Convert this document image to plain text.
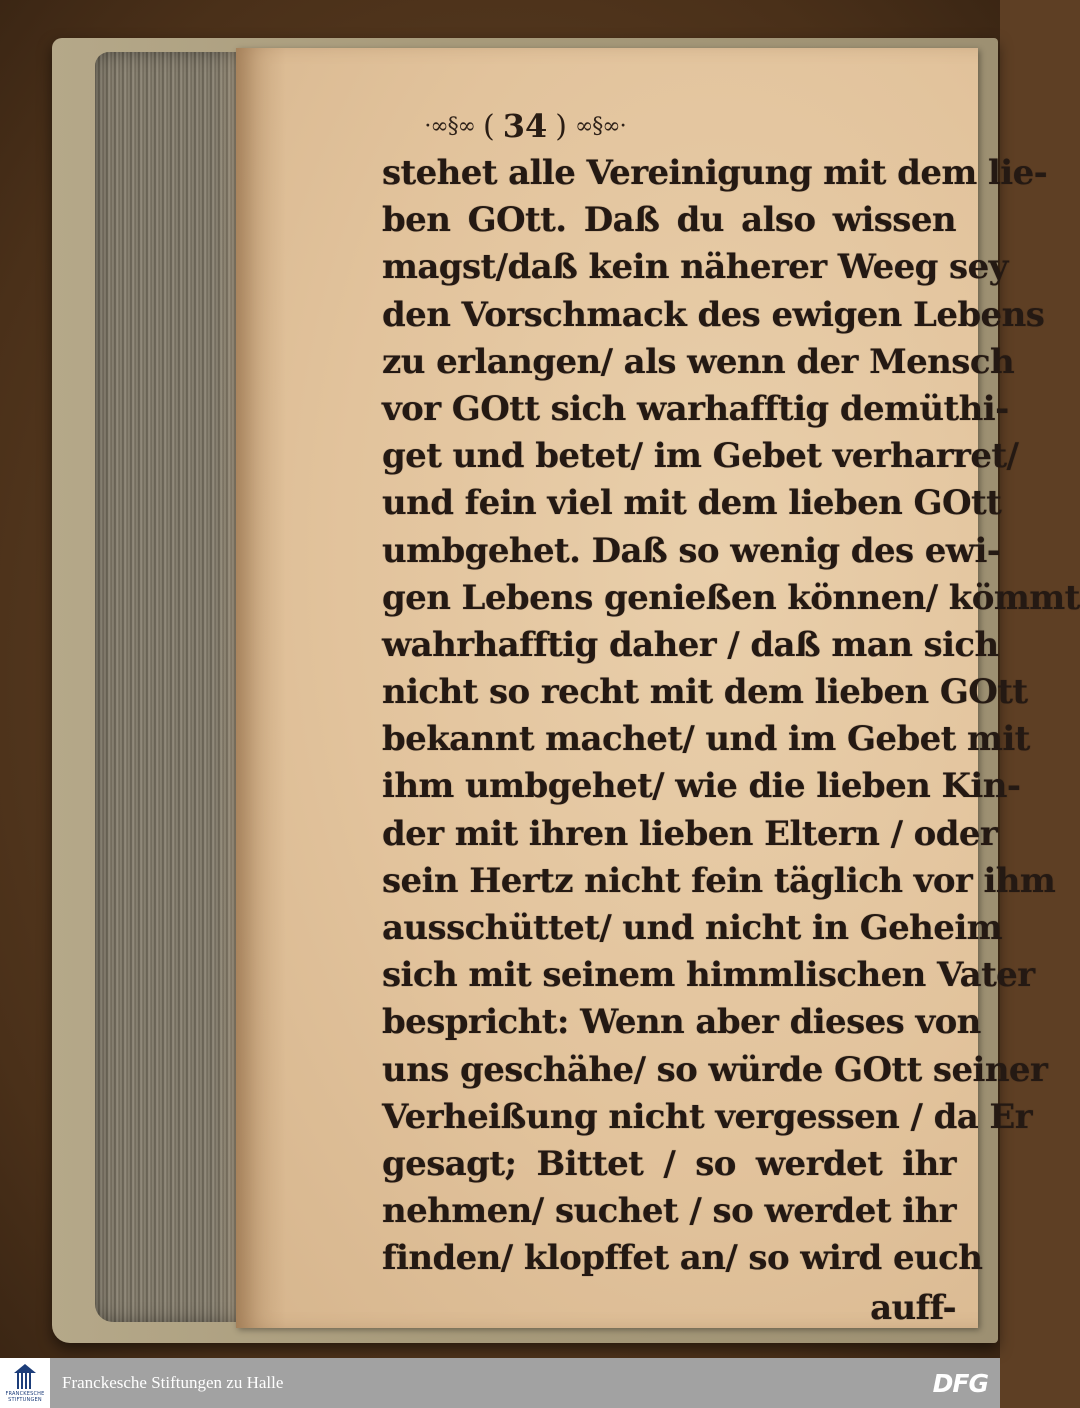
·∞§∞ ( 34 ) ∞§∞·
stehet alle Vereinigung mit dem lie-
ben GOtt. Daß du also wissen
magst/daß kein näherer Weeg sey
den Vorschmack des ewigen Lebens
zu erlangen/ als wenn der Mensch
vor GOtt sich warhafftig demüthi-
get und betet/ im Gebet verharret/
und fein viel mit dem lieben GOtt
umbgehet. Daß so wenig des ewi-
gen Lebens genießen können/ kömmt
wahrhafftig daher / daß man sich
nicht so recht mit dem lieben GOtt
bekannt machet/ und im Gebet mit
ihm umbgehet/ wie die lieben Kin-
der mit ihren lieben Eltern / oder
sein Hertz nicht fein täglich vor ihm
ausschüttet/ und nicht in Geheim
sich mit seinem himmlischen Vater
bespricht: Wenn aber dieses von
uns geschähe/ so würde GOtt seiner
Verheißung nicht vergessen / da Er
gesagt; Bittet / so werdet ihr
nehmen/ suchet / so werdet ihr
finden/ klopffet an/ so wird euch
auff-
FRANCKESCHE
STIFTUNGEN
Franckesche Stiftungen zu Halle	DFG
